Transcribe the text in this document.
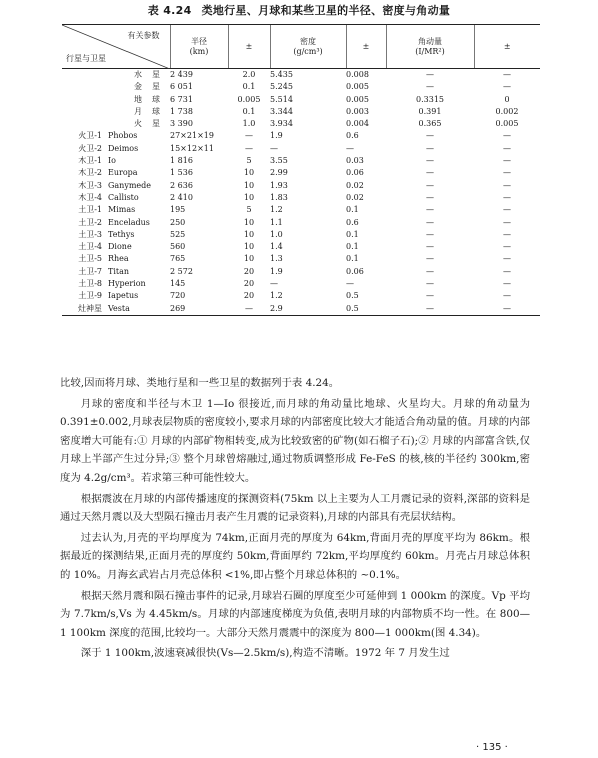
表 4.24 类地行星、月球和某些卫星的半径、密度与角动量
有关参数
行星与卫星	半径
(km)	±	密度
(g/cm³)	±	角动量
(I/MR²)	±
水星	2 439	2.0	5.435	0.008	—	—
金星	6 051	0.1	5.245	0.005	—	—
地球	6 731	0.005	5.514	0.005	0.3315	0
月球	1 738	0.1	3.344	0.003	0.391	0.002
火星	3 390	1.0	3.934	0.004	0.365	0.005
火卫-1 Phobos	27×21×19	—	1.9	0.6	—	—
火卫-2 Deimos	15×12×11	—	—	—	—	—
木卫-1 Io	1 816	5	3.55	0.03	—	—
木卫-2 Europa	1 536	10	2.99	0.06	—	—
木卫-3 Ganymede	2 636	10	1.93	0.02	—	—
木卫-4 Callisto	2 410	10	1.83	0.02	—	—
土卫-1 Mimas	195	5	1.2	0.1	—	—
土卫-2 Enceladus	250	10	1.1	0.6	—	—
土卫-3 Tethys	525	10	1.0	0.1	—	—
土卫-4 Dione	560	10	1.4	0.1	—	—
土卫-5 Rhea	765	10	1.3	0.1	—	—
土卫-7 Titan	2 572	20	1.9	0.06	—	—
土卫-8 Hyperion	145	20	—	—	—	—
土卫-9 Iapetus	720	20	1.2	0.5	—	—
灶神星 Vesta	269	—	2.9	0.5	—	—

比较,因而将月球、类地行星和一些卫星的数据列于表 4.24。

月球的密度和半径与木卫 1—Io 很接近,而月球的角动量比地球、火星均大。月球的角动量为 0.391±0.002,月球表层物质的密度较小,要求月球的内部密度比较大才能适合角动量的值。月球的内部密度增大可能有:① 月球的内部矿物相转变,成为比较致密的矿物(如石榴子石);② 月球的内部富含铁,仅月球上半部产生过分异;③ 整个月球曾熔融过,通过物质调整形成 Fe-FeS 的核,核的半径约 300km,密度为 4.2g/cm³。若求第三种可能性较大。

根据震波在月球的内部传播速度的探测资料(75km 以上主要为人工月震记录的资料,深部的资料是通过天然月震以及大型陨石撞击月表产生月震的记录资料),月球的内部具有壳层状结构。

过去认为,月壳的平均厚度为 74km,正面月壳的厚度为 64km,背面月壳的厚度平均为 86km。根据最近的探测结果,正面月壳的厚度约 50km,背面厚约 72km,平均厚度约 60km。月壳占月球总体积的 10%。月海玄武岩占月壳总体积 <1%,即占整个月球总体积的 ~0.1%。

根据天然月震和陨石撞击事件的记录,月球岩石圈的厚度至少可延伸到 1 000km 的深度。Vp 平均为 7.7km/s,Vs 为 4.45km/s。月球的内部速度梯度为负值,表明月球的内部物质不均一性。在 800—1 100km 深度的范围,比较均一。大部分天然月震震中的深度为 800—1 000km(图 4.34)。

深于 1 100km,波速衰减很快(Vs—2.5km/s),构造不清晰。1972 年 7 月发生过

· 135 ·
